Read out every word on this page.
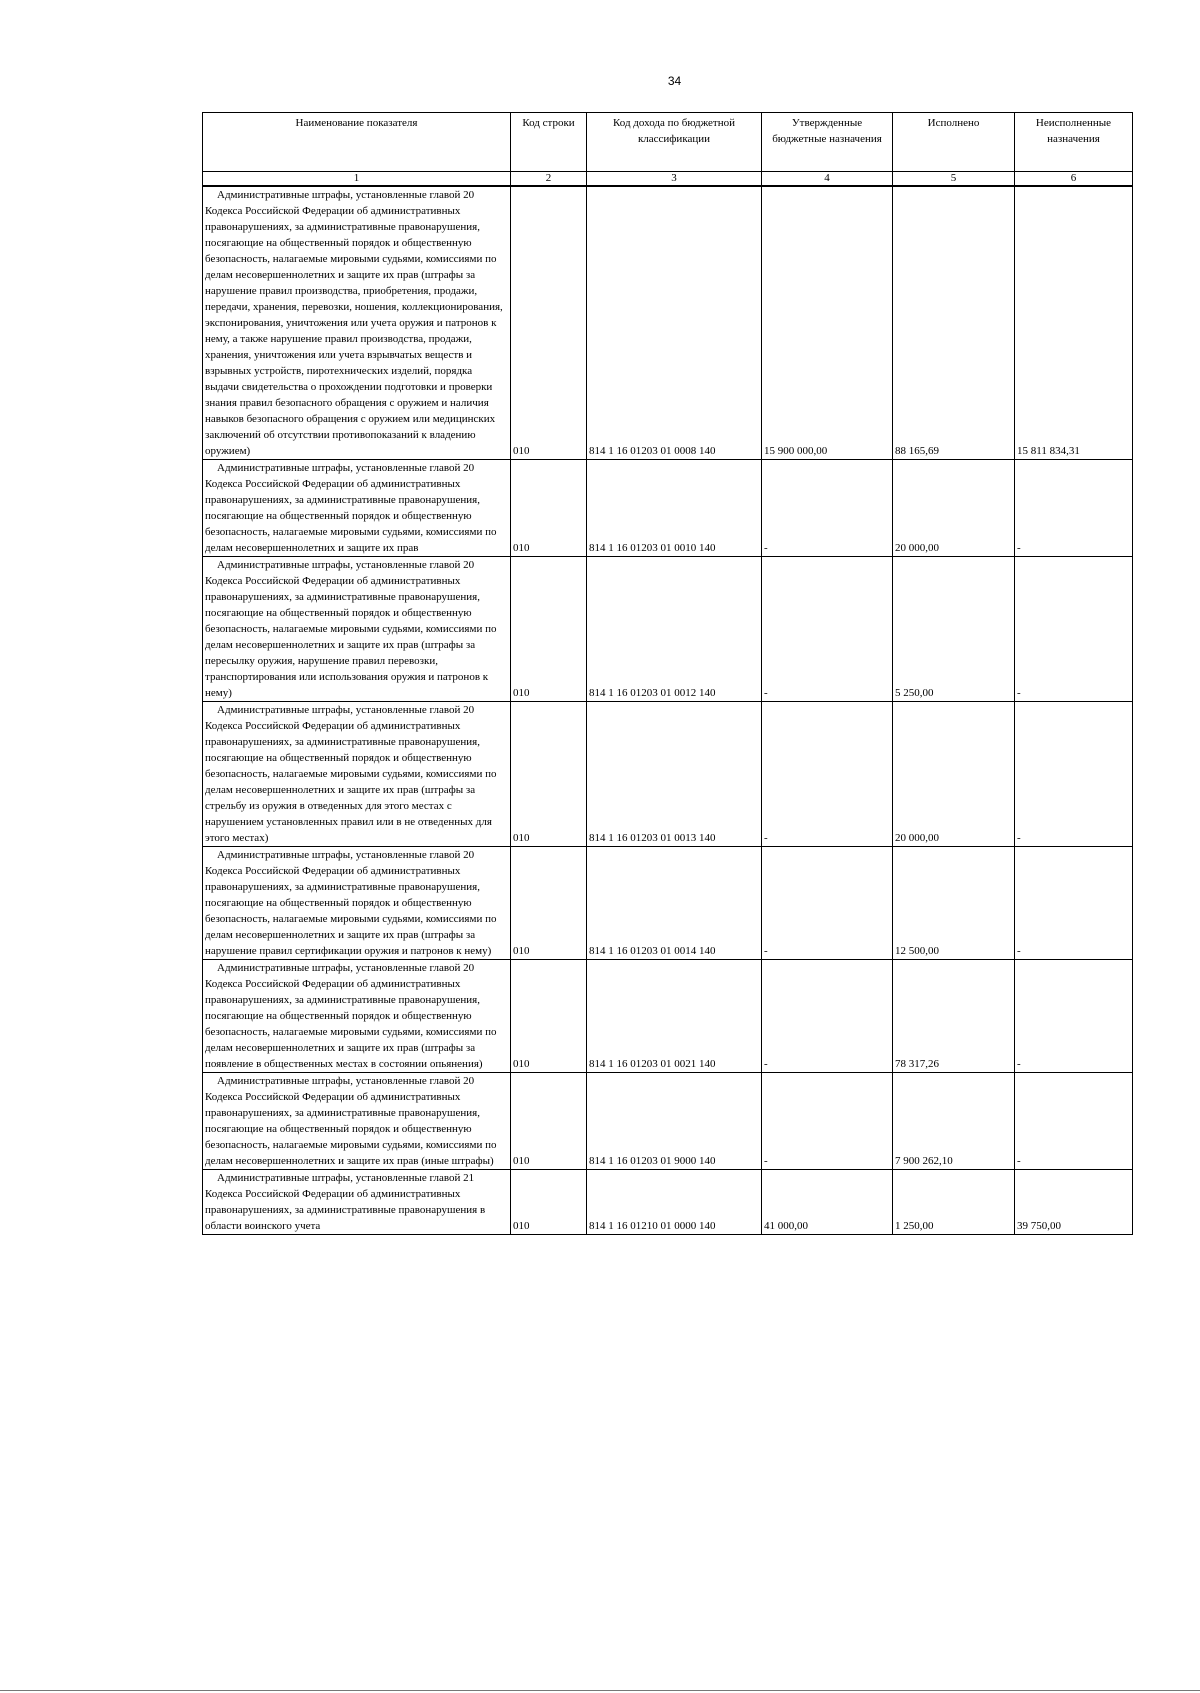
34
Наименование показателя	Код строки	Код дохода по бюджетной классификации	Утвержденные бюджетные назначения	Исполнено	Неисполненные назначения
1	2	3	4	5	6

Административные штрафы, установленные главой 20 Кодекса Российской Федерации об административных правонарушениях, за административные правонарушения, посягающие на общественный порядок и общественную безопасность, налагаемые мировыми судьями, комиссиями по делам несовершеннолетних и защите их прав (штрафы за нарушение правил производства, приобретения, продажи, передачи, хранения, перевозки, ношения, коллекционирования, экспонирования, уничтожения или учета оружия и патронов к нему, а также нарушение правил производства, продажи, хранения, уничтожения или учета взрывчатых веществ и взрывных устройств, пиротехнических изделий, порядка выдачи свидетельства о прохождении подготовки и проверки знания правил безопасного обращения с оружием и наличия навыков безопасного обращения с оружием или медицинских заключений об отсутствии противопоказаний к владению оружием)	010	814 1 16 01203 01 0008 140	15 900 000,00	88 165,69	15 811 834,31

Административные штрафы, установленные главой 20 Кодекса Российской Федерации об административных правонарушениях, за административные правонарушения, посягающие на общественный порядок и общественную безопасность, налагаемые мировыми судьями, комиссиями по делам несовершеннолетних и защите их прав	010	814 1 16 01203 01 0010 140	-	20 000,00	-

Административные штрафы, установленные главой 20 Кодекса Российской Федерации об административных правонарушениях, за административные правонарушения, посягающие на общественный порядок и общественную безопасность, налагаемые мировыми судьями, комиссиями по делам несовершеннолетних и защите их прав (штрафы за пересылку оружия, нарушение правил перевозки, транспортирования или использования оружия и патронов к нему)	010	814 1 16 01203 01 0012 140	-	5 250,00	-

Административные штрафы, установленные главой 20 Кодекса Российской Федерации об административных правонарушениях, за административные правонарушения, посягающие на общественный порядок и общественную безопасность, налагаемые мировыми судьями, комиссиями по делам несовершеннолетних и защите их прав (штрафы за стрельбу из оружия в отведенных для этого местах с нарушением установленных правил или в не отведенных для этого местах)	010	814 1 16 01203 01 0013 140	-	20 000,00	-

Административные штрафы, установленные главой 20 Кодекса Российской Федерации об административных правонарушениях, за административные правонарушения, посягающие на общественный порядок и общественную безопасность, налагаемые мировыми судьями, комиссиями по делам несовершеннолетних и защите их прав (штрафы за нарушение правил сертификации оружия и патронов к нему)	010	814 1 16 01203 01 0014 140	-	12 500,00	-

Административные штрафы, установленные главой 20 Кодекса Российской Федерации об административных правонарушениях, за административные правонарушения, посягающие на общественный порядок и общественную безопасность, налагаемые мировыми судьями, комиссиями по делам несовершеннолетних и защите их прав (штрафы за появление в общественных местах в состоянии опьянения)	010	814 1 16 01203 01 0021 140	-	78 317,26	-

Административные штрафы, установленные главой 20 Кодекса Российской Федерации об административных правонарушениях, за административные правонарушения, посягающие на общественный порядок и общественную безопасность, налагаемые мировыми судьями, комиссиями по делам несовершеннолетних и защите их прав (иные штрафы)	010	814 1 16 01203 01 9000 140	-	7 900 262,10	-

Административные штрафы, установленные главой 21 Кодекса Российской Федерации об административных правонарушениях, за административные правонарушения в области воинского учета	010	814 1 16 01210 01 0000 140	41 000,00	1 250,00	39 750,00
